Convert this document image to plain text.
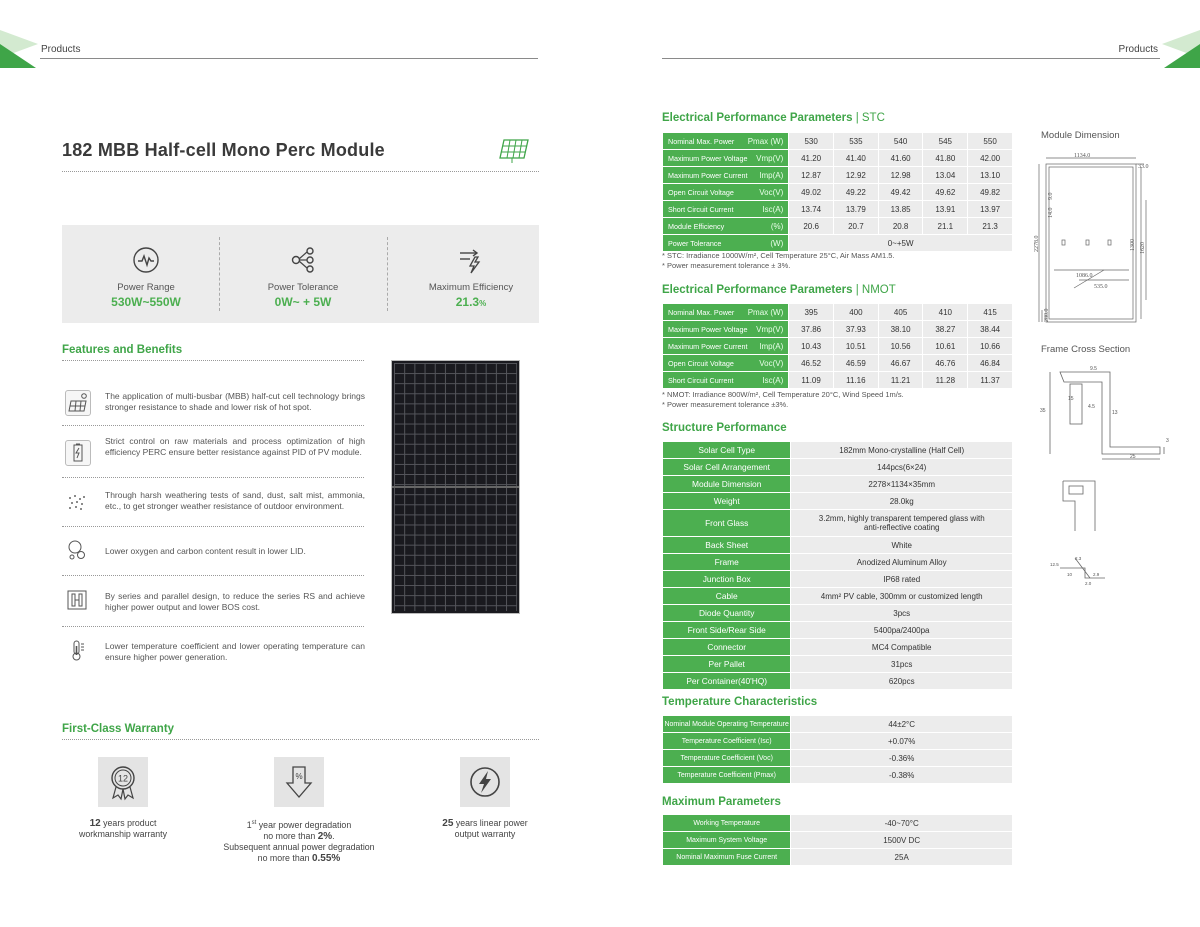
Products	Products
182 MBB Half-cell Mono Perc Module
Power Range
530W~550W
Power Tolerance
0W~ + 5W
Maximum Efficiency
21.3%
Features and Benefits
The application of multi-busbar (MBB) half-cut cell technology brings stronger resistance to shade and lower risk of hot spot.
Strict control on raw materials and process optimization of high efficiency PERC ensure better resistance against PID of PV module.
Through harsh weathering tests of sand, dust, salt mist, ammonia, etc., to get stronger weather resistance of outdoor environment.
Lower oxygen and carbon content result in lower LID.
By series and parallel design, to reduce the series RS and achieve higher power output and lower BOS cost.
Lower temperature coefficient and lower operating temperature can ensure higher power generation.
First-Class Warranty
12
12 years product
workmanship warranty
%
1st year power degradation
no more than 2%.
Subsequent annual power degradation
no more than 0.55%
25 years linear power
output warranty
Electrical Performance Parameters | STC
Nominal Max. Power Pmax (W)	530	535	540	545	550

Maximum Power Voltage Vmp(V)	41.20	41.40	41.60	41.80	42.00

Maximum Power Current Imp(A)	12.87	12.92	12.98	13.04	13.10

Open Circuit Voltage Voc(V)	49.02	49.22	49.42	49.62	49.82

Short Circuit Current Isc(A)	13.74	13.79	13.85	13.91	13.97

Module Efficiency (%)	20.6	20.7	20.8	21.1	21.3

Power Tolerance (W)	0~+5W				
* STC: Irradiance 1000W/m², Cell Temperature 25°C, Air Mass AM1.5.
* Power measurement tolerance ± 3%.
Electrical Performance Parameters | NMOT
Nominal Max. Power Pmax (W)	395	400	405	410	415

Maximum Power Voltage Vmp(V)	37.86	37.93	38.10	38.27	38.44

Maximum Power Current Imp(A)	10.43	10.51	10.56	10.61	10.66

Open Circuit Voltage Voc(V)	46.52	46.59	46.67	46.76	46.84

Short Circuit Current Isc(A)	11.09	11.16	11.21	11.28	11.37
* NMOT: Irradiance 800W/m², Cell Temperature 20°C, Wind Speed 1m/s.
* Power measurement tolerance ±3%.
Structure Performance
Solar Cell Type	182mm Mono-crystalline (Half Cell)
Solar Cell Arrangement	144pcs(6×24)
Module Dimension	2278×1134×35mm
Weight	28.0kg
Front Glass	3.2mm, highly transparent tempered glass with
anti-reflective coating

Back Sheet	White
Frame	Anodized Aluminum Alloy
Junction Box	IP68 rated
Cable	4mm² PV cable, 300mm or customized length
Diode Quantity	3pcs
Front Side/Rear Side	5400pa/2400pa
Connector	MC4 Compatible
Per Pallet	31pcs
Per Container(40'HQ)	620pcs
Temperature Characteristics
Nominal Module Operating Temperature	44±2°C
Temperature Coefficient (Isc)	+0.07%
Temperature Coefficient (Voc)	-0.36%
Temperature Coefficient (Pmax)	-0.38%
Maximum Parameters
Working Temperature	-40~70°C
Maximum System Voltage	1500V DC
Nominal Maximum Fuse Current	25A
Module Dimension
1134.0
33.0
2278.0	1300 1620
1086.0
535.0
9.0
14.0
280.0
Frame Cross Section
35
25
15
9.5
13
4.5
3
12.5
2.9
2.3
2.0
10
